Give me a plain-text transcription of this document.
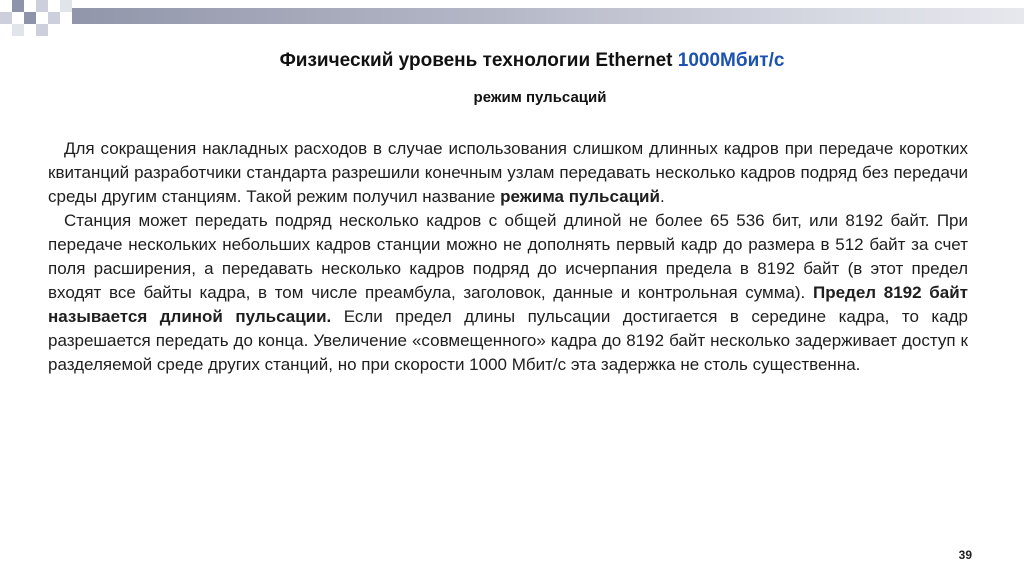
Физический уровень технологии Ethernet 1000Мбит/с
режим пульсаций

Для сокращения накладных расходов в случае использования слишком длинных кадров при передаче коротких квитанций разработчики стандарта разрешили конечным узлам передавать несколько кадров подряд без передачи среды другим станциям. Такой режим получил название режима пульсаций.

Станция может передать подряд несколько кадров с общей длиной не более 65 536 бит, или 8192 байт. При передаче нескольких небольших кадров станции можно не дополнять первый кадр до размера в 512 байт за счет поля расширения, а передавать несколько кадров подряд до исчерпания предела в 8192 байт (в этот предел входят все байты кадра, в том числе преамбула, заголовок, данные и контрольная сумма). Предел 8192 байт называется длиной пульсации. Если предел длины пульсации достигается в середине кадра, то кадр разрешается передать до конца. Увеличение «совмещенного» кадра до 8192 байт несколько задерживает доступ к разделяемой среде других станций, но при скорости 1000 Мбит/с эта задержка не столь существенна.

39
